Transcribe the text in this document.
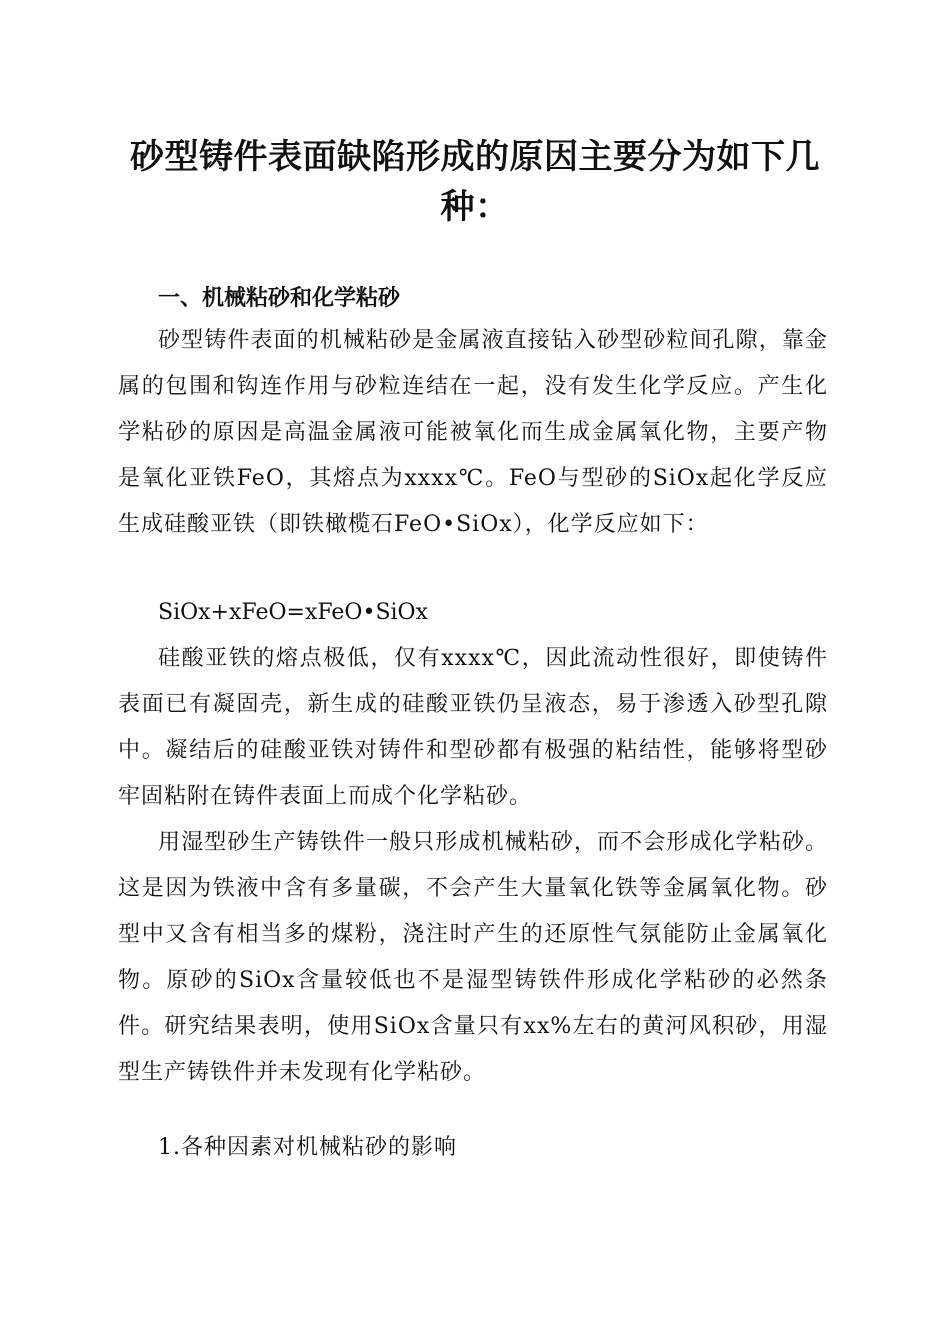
砂型铸件表面缺陷形成的原因主要分为如下几种：
一、机械粘砂和化学粘砂

砂型铸件表面的机械粘砂是金属液直接钻入砂型砂粒间孔隙，靠金属的包围和钩连作用与砂粒连结在一起，没有发生化学反应。产生化学粘砂的原因是高温金属液可能被氧化而生成金属氧化物，主要产物是氧化亚铁FeO，其熔点为xxxx℃。FeO与型砂的SiOx起化学反应生成硅酸亚铁（即铁橄榄石FeO•SiOx），化学反应如下：

SiOx+xFeO=xFeO•SiOx

硅酸亚铁的熔点极低，仅有xxxx℃，因此流动性很好，即使铸件表面已有凝固壳，新生成的硅酸亚铁仍呈液态，易于渗透入砂型孔隙中。凝结后的硅酸亚铁对铸件和型砂都有极强的粘结性，能够将型砂牢固粘附在铸件表面上而成个化学粘砂。

用湿型砂生产铸铁件一般只形成机械粘砂，而不会形成化学粘砂。这是因为铁液中含有多量碳，不会产生大量氧化铁等金属氧化物。砂型中又含有相当多的煤粉，浇注时产生的还原性气氛能防止金属氧化物。原砂的SiOx含量较低也不是湿型铸铁件形成化学粘砂的必然条件。研究结果表明，使用SiOx含量只有xx%左右的黄河风积砂，用湿型生产铸铁件并未发现有化学粘砂。

1.各种因素对机械粘砂的影响
